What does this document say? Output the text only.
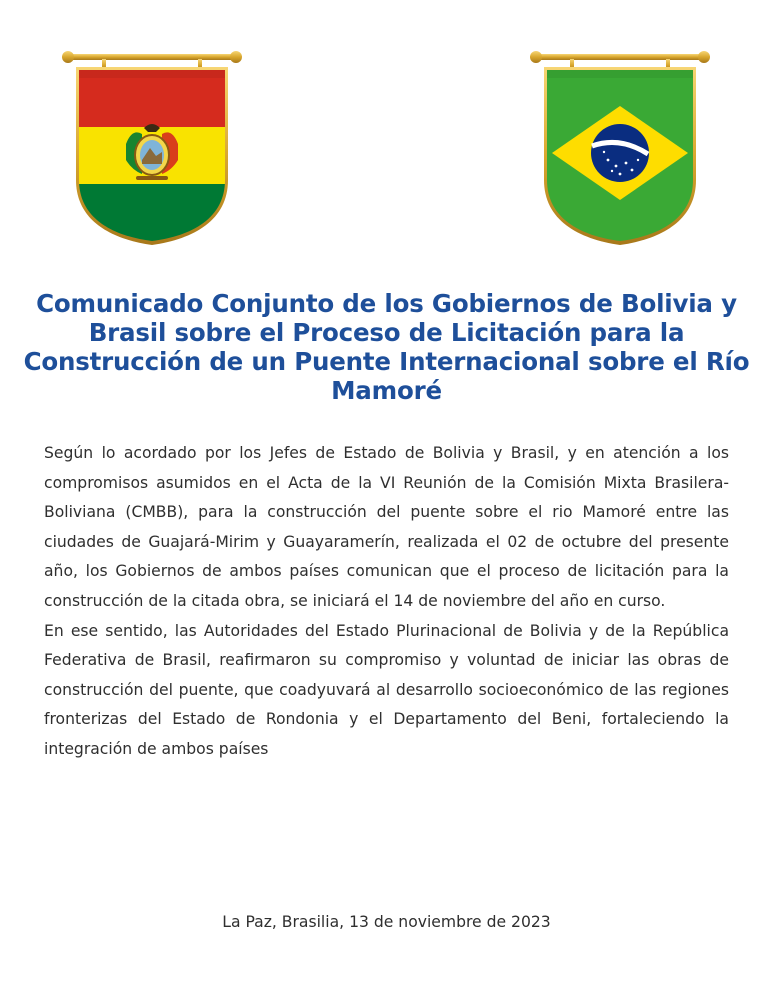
Comunicado Conjunto de los Gobiernos de Bolivia y Brasil sobre el Proceso de Licitación para la Construcción de un Puente Internacional sobre el Río Mamoré

Según lo acordado por los Jefes de Estado de Bolivia y Brasil, y en atención a los compromisos asumidos en el Acta de la VI Reunión de la Comisión Mixta Brasilera-Boliviana (CMBB), para la construcción del puente sobre el rio Mamoré entre las ciudades de Guajará-Mirim y Guayaramerín, realizada el 02 de octubre del presente año, los Gobiernos de ambos países comunican que el proceso de licitación para la construcción de la citada obra, se iniciará el 14 de noviembre del año en curso.

En ese sentido, las Autoridades del Estado Plurinacional de Bolivia y de la República Federativa de Brasil, reafirmaron su compromiso y voluntad de iniciar las obras de construcción del puente, que coadyuvará al desarrollo socioeconómico de las regiones fronterizas del Estado de Rondonia y el Departamento del Beni, fortaleciendo la integración de ambos países

La Paz, Brasilia, 13 de noviembre de 2023
